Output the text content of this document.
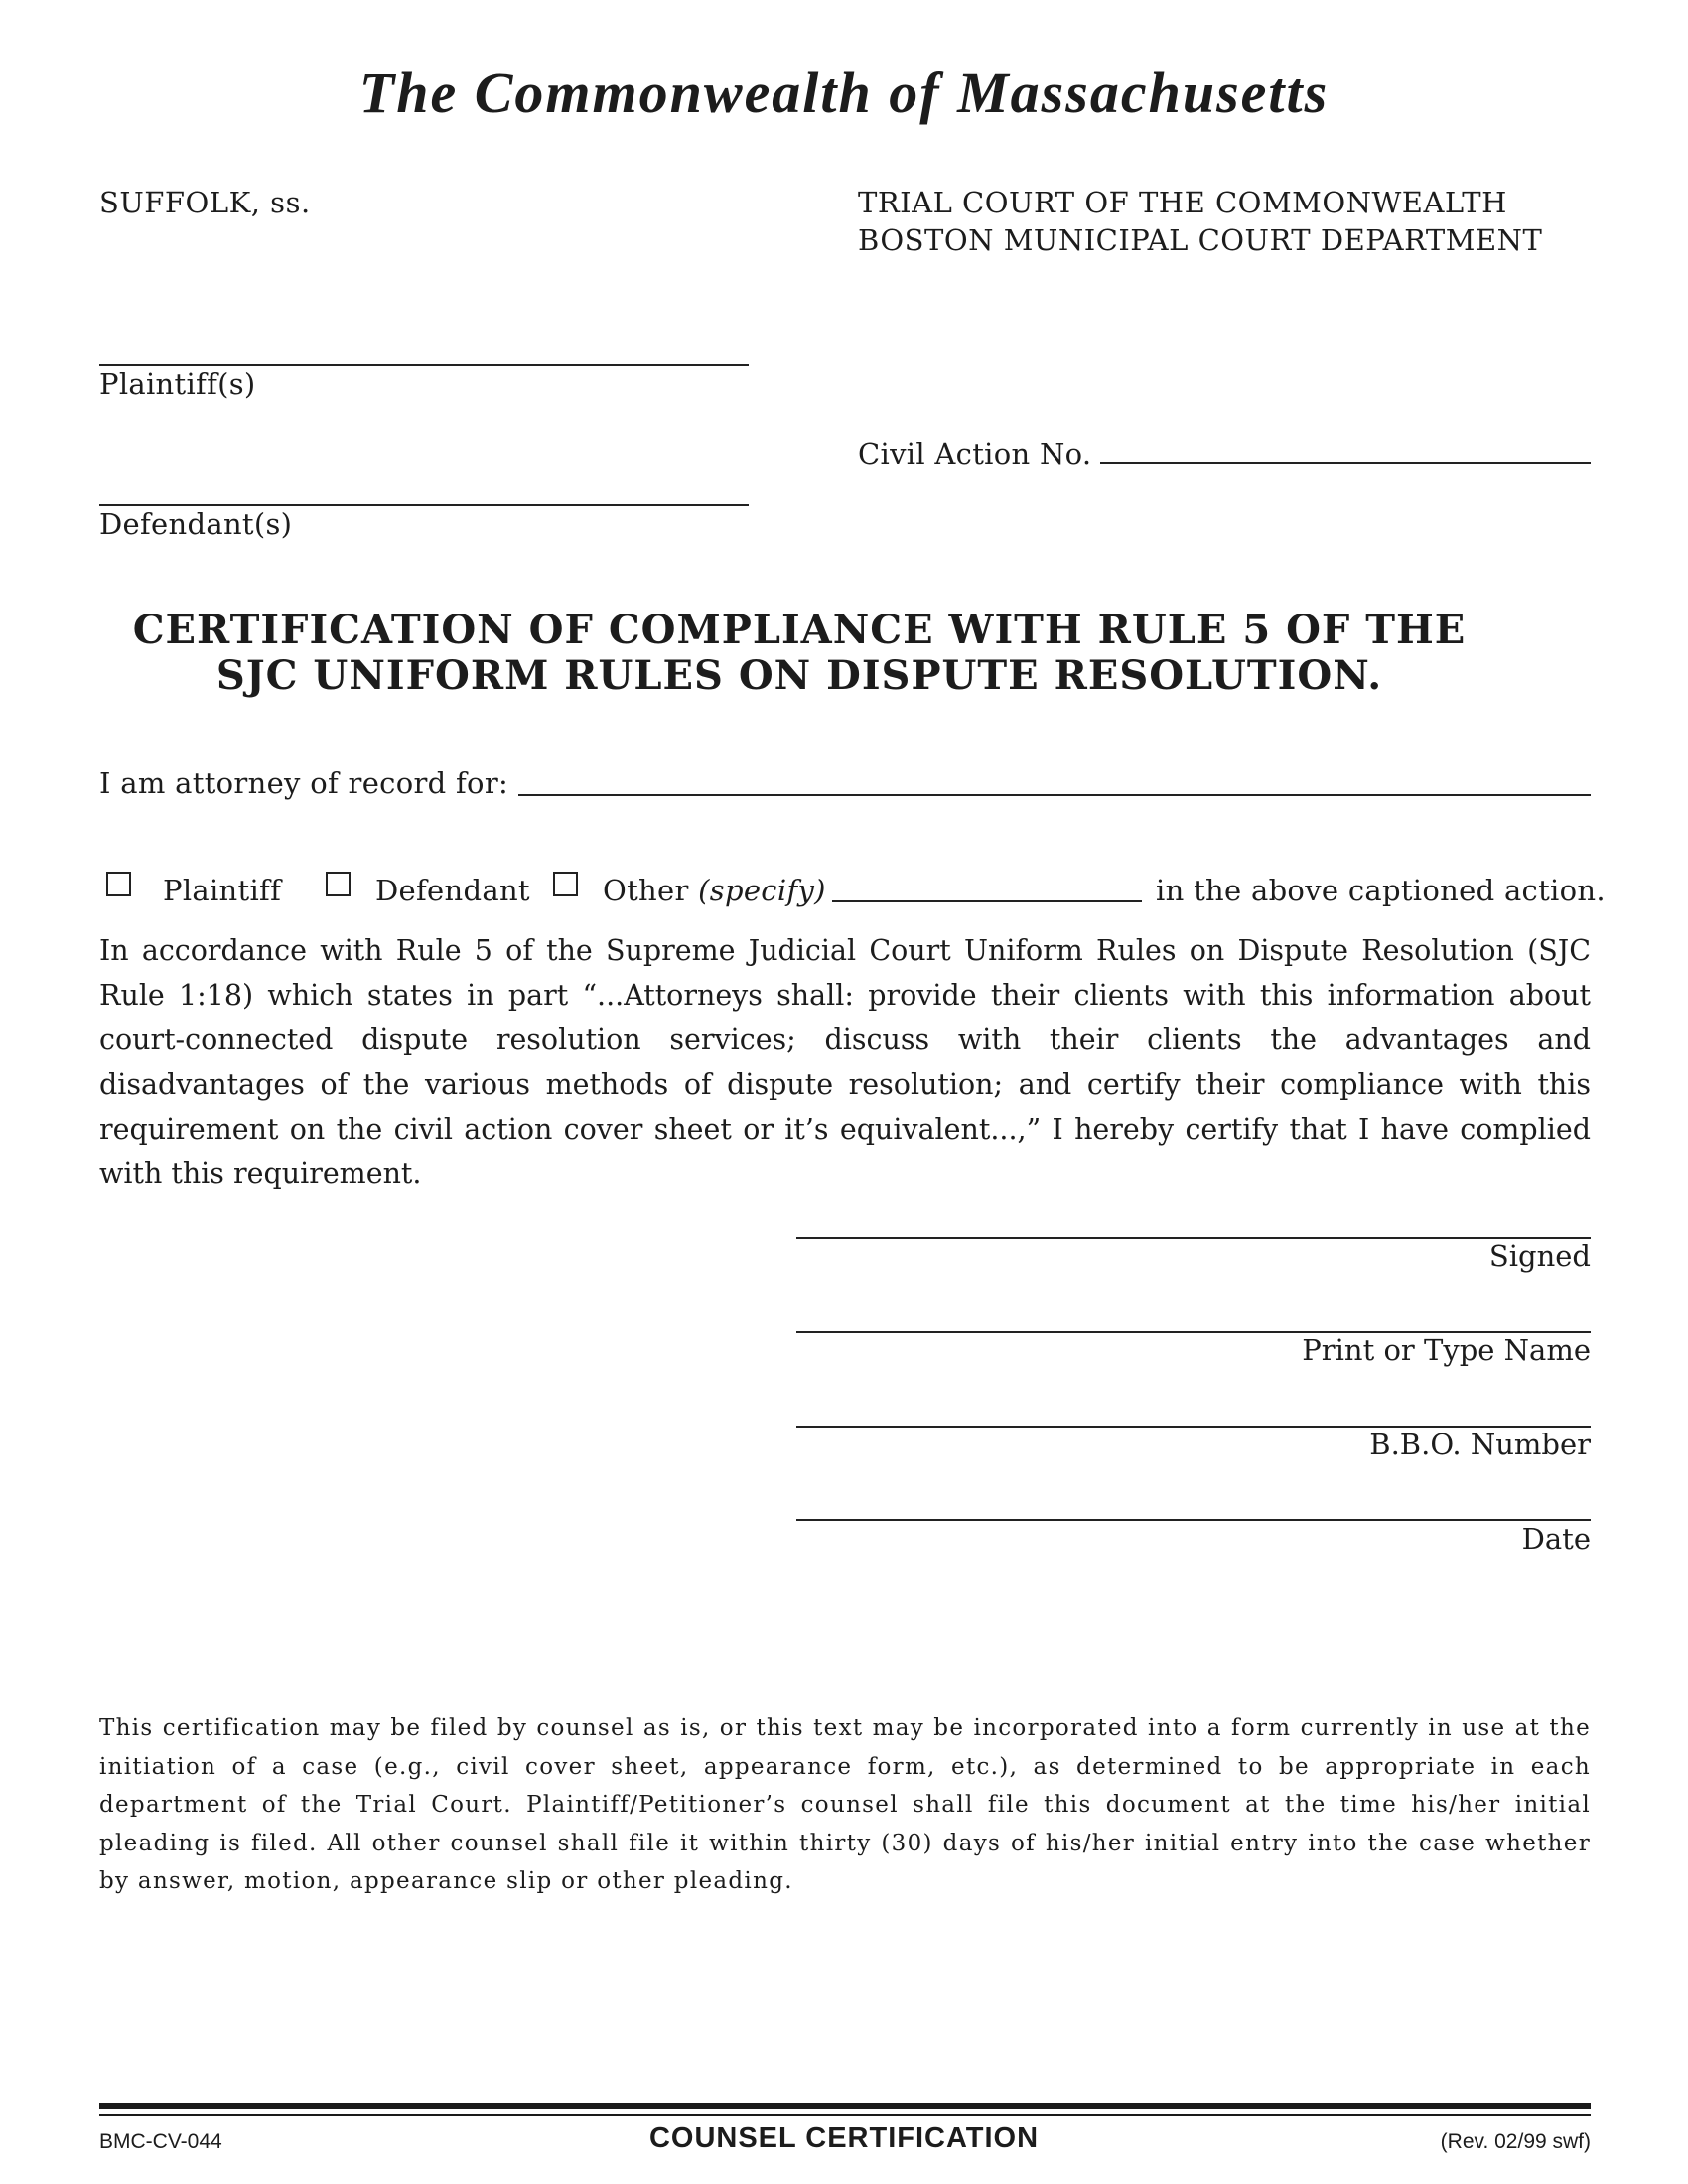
The Commonwealth of Massachusetts
SUFFOLK, ss.	TRIAL COURT OF THE COMMONWEALTH
BOSTON MUNICIPAL COURT DEPARTMENT
Plaintiff(s)
Civil Action No.
Defendant(s)
CERTIFICATION OF COMPLIANCE WITH RULE 5 OF THE
SJC UNIFORM RULES ON DISPUTE RESOLUTION.
I am attorney of record for:
Plaintiff	Defendant	Other (specify)	in the above captioned action.
In accordance with Rule 5 of the Supreme Judicial Court Uniform Rules on Dispute Resolution (SJC Rule 1:18) which states in part “...Attorneys shall: provide their clients with this information about court-connected dispute resolution services; discuss with their clients the advantages and disadvantages of the various methods of dispute resolution; and certify their compliance with this requirement on the civil action cover sheet or it’s equivalent...,” I hereby certify that I have complied with this requirement.
Signed
Print or Type Name
B.B.O. Number
Date
This certification may be filed by counsel as is, or this text may be incorporated into a form currently in use at the initiation of a case (e.g., civil cover sheet, appearance form, etc.), as determined to be appropriate in each department of the Trial Court. Plaintiff/Petitioner’s counsel shall file this document at the time his/her initial pleading is filed. All other counsel shall file it within thirty (30) days of his/her initial entry into the case whether by answer, motion, appearance slip or other pleading.
BMC-CV-044	COUNSEL CERTIFICATION	(Rev. 02/99 swf)
